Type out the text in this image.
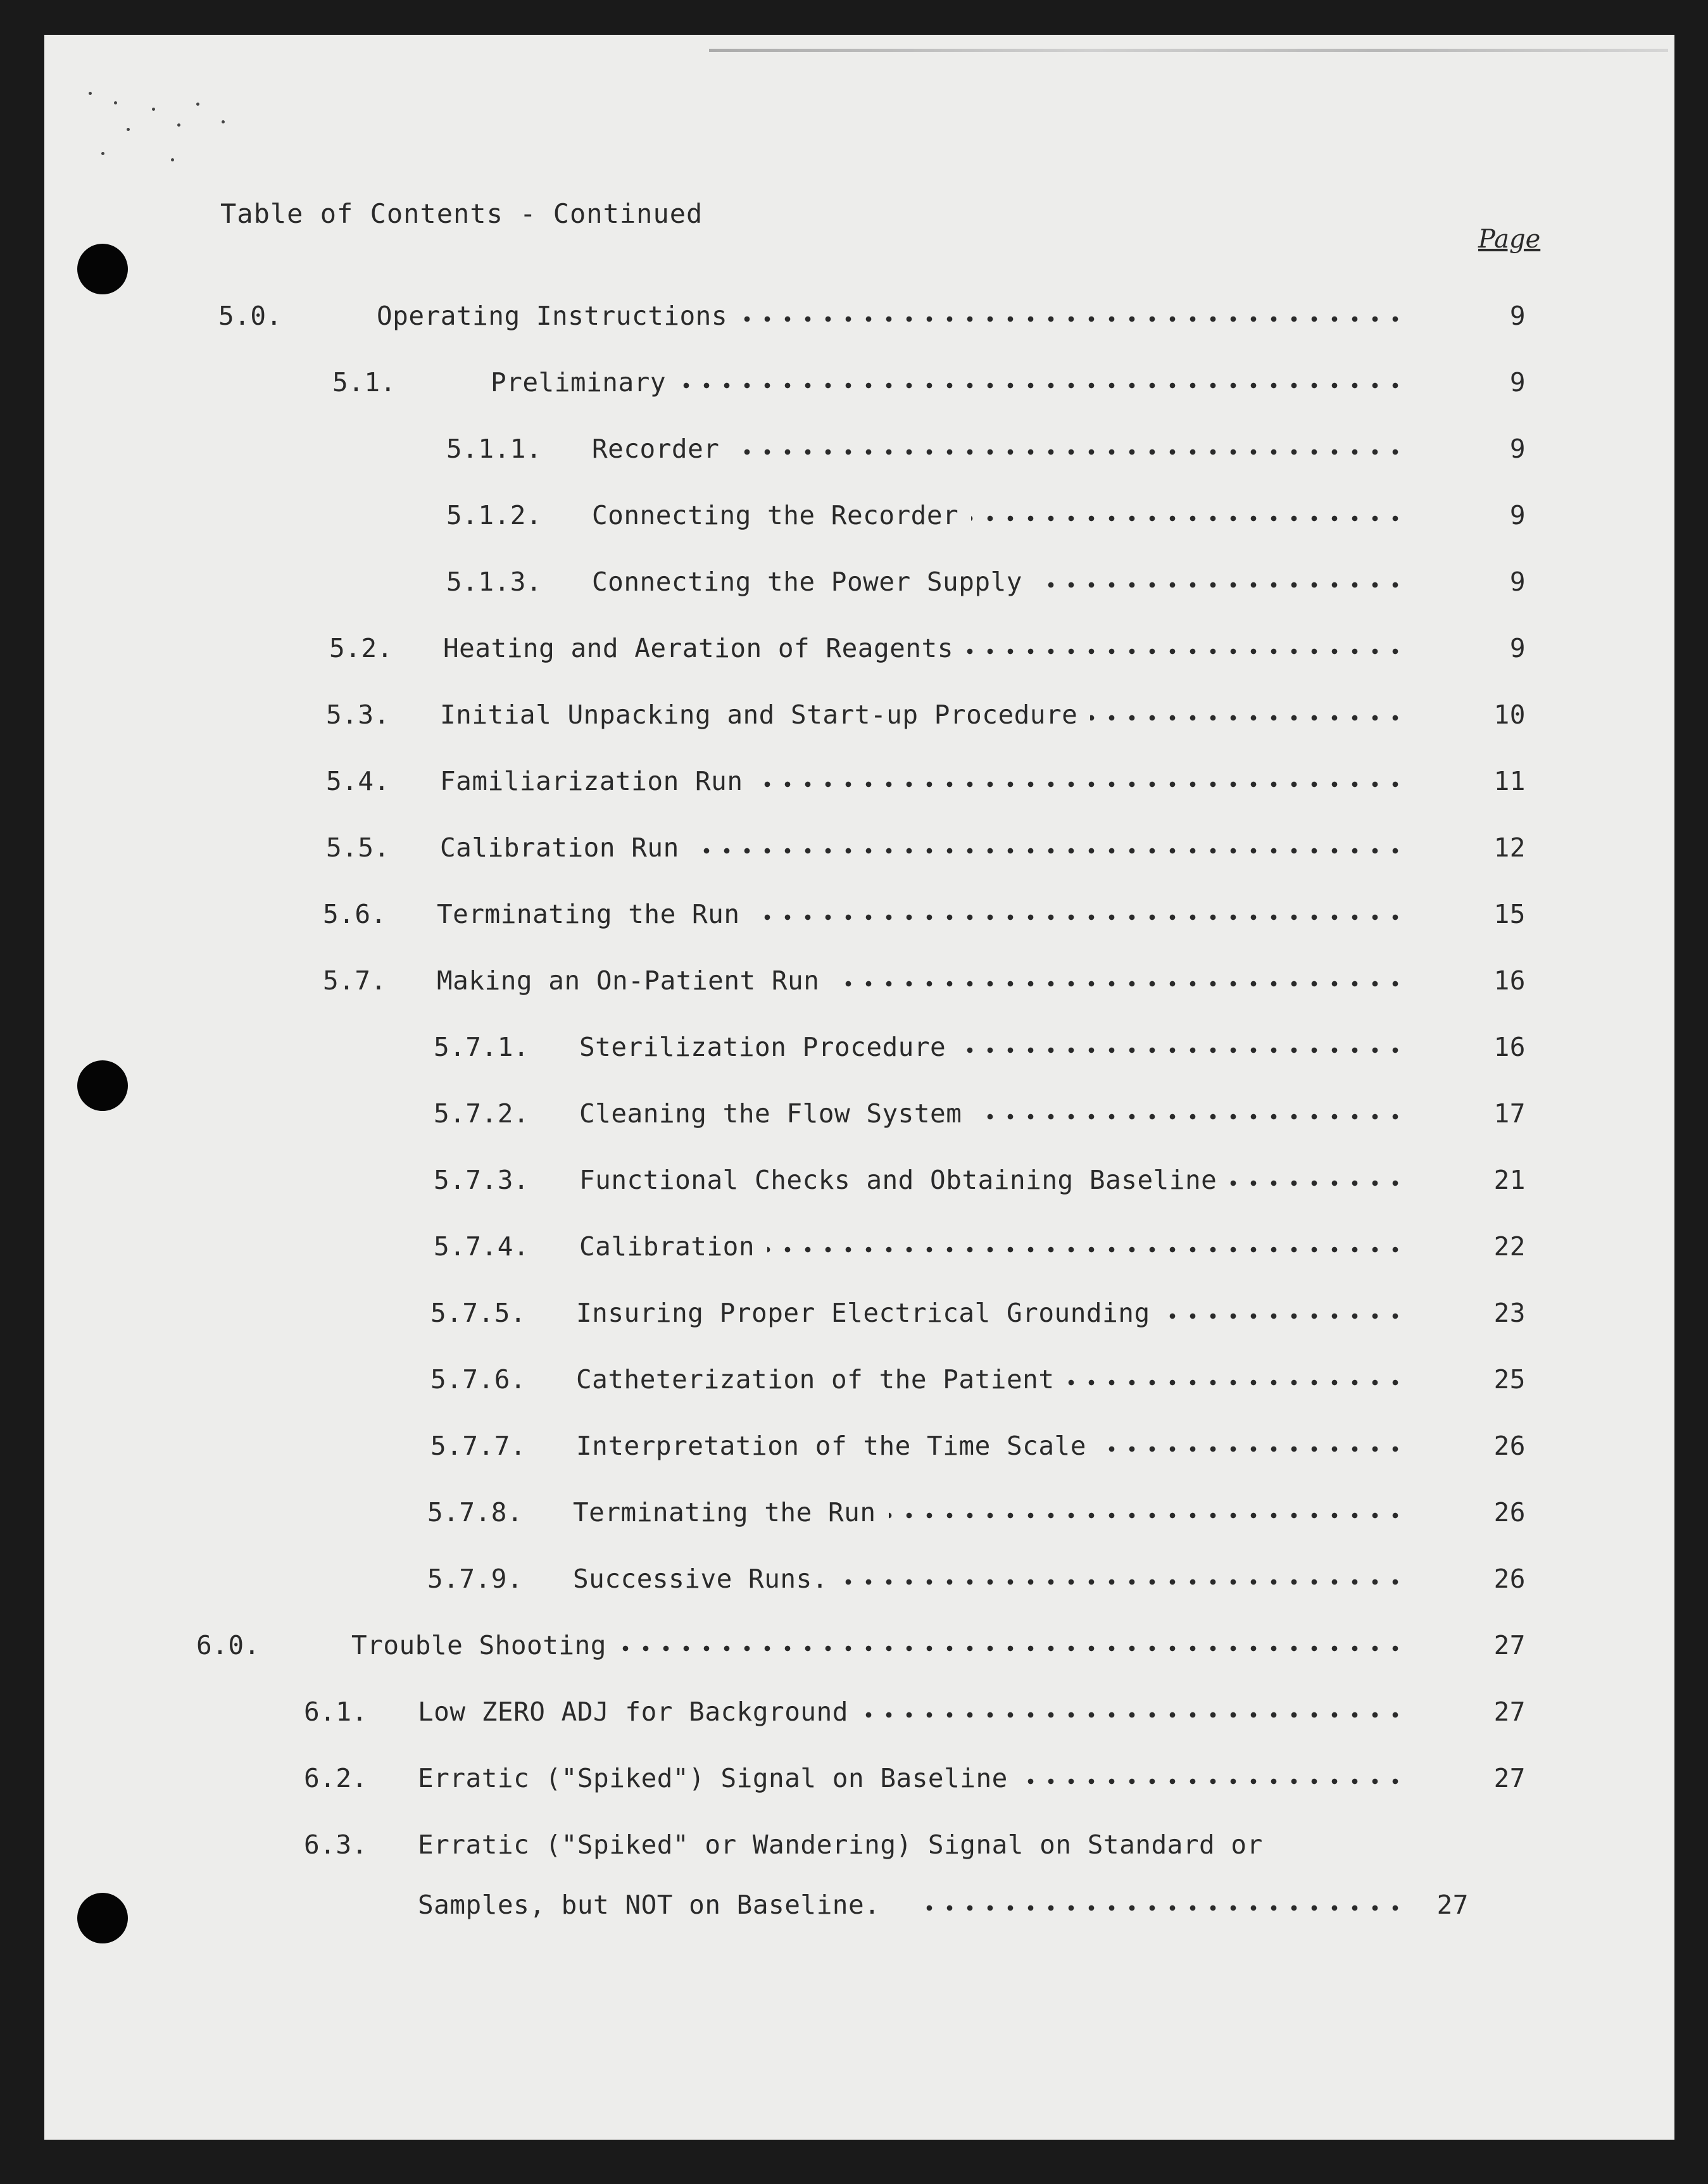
Table of Contents - Continued
Page
5.0.	Operating Instructions	9
5.1.	Preliminary	9
5.1.1. Recorder	9
5.1.2. Connecting the Recorder	9
5.1.3. Connecting the Power Supply	9
5.2. Heating and Aeration of Reagents	9
5.3. Initial Unpacking and Start-up Procedure	10
5.4. Familiarization Run	11
5.5. Calibration Run	12
5.6. Terminating the Run	15
5.7. Making an On-Patient Run	16
5.7.1. Sterilization Procedure	16
5.7.2. Cleaning the Flow System	17
5.7.3. Functional Checks and Obtaining Baseline	21
5.7.4. Calibration	22
5.7.5. Insuring Proper Electrical Grounding	23
5.7.6. Catheterization of the Patient	25
5.7.7. Interpretation of the Time Scale	26
5.7.8. Terminating the Run	26
5.7.9. Successive Runs.	26
6.0.	Trouble Shooting	27
6.1. Low ZERO ADJ for Background	27
6.2. Erratic ("Spiked") Signal on Baseline	27
6.3. Erratic ("Spiked" or Wandering) Signal on Standard or
Samples, but NOT on Baseline.	27
